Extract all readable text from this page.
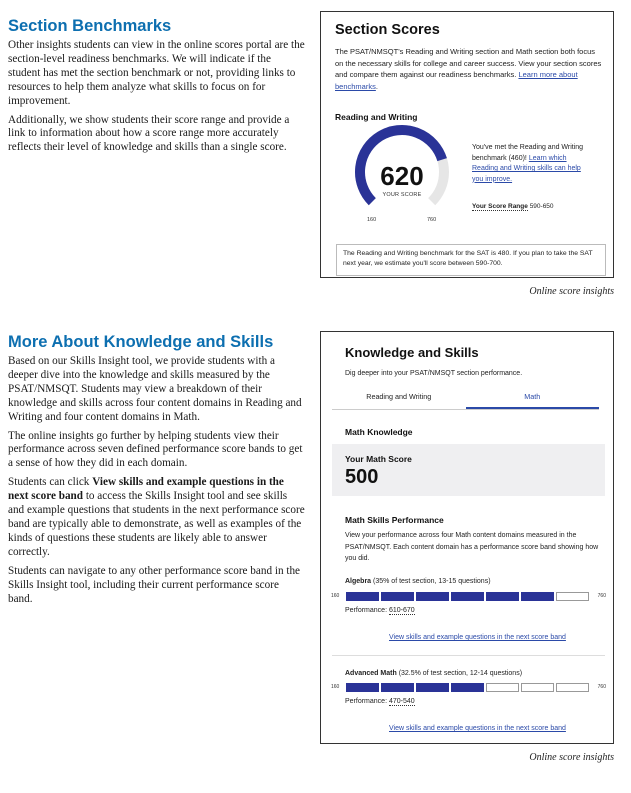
Section Benchmarks

Other insights students can view in the online scores portal are the section-level readiness benchmarks. We will indicate if the student has met the section benchmark or not, providing links to resources to help them analyze what skills to focus on for improvement.

Additionally, we show students their score range and provide a link to information about how a score range more accurately reflects their level of knowledge and skills than a single score.

Section Scores
The PSAT/NMSQT's Reading and Writing section and Math section both focus on the necessary skills for college and career success. View your section scores and compare them against our readiness benchmarks. Learn more about benchmarks.
Reading and Writing
620
YOUR SCORE
160	760
You've met the Reading and Writing benchmark (460)! Learn which Reading and Writing skills can help you improve.
Your Score Range 590-650
The Reading and Writing benchmark for the SAT is 480. If you plan to take the SAT next year, we estimate you'll score between 590-700.
Online score insights
More About Knowledge and Skills

Based on our Skills Insight tool, we provide students with a deeper dive into the knowledge and skills measured by the PSAT/NMSQT. Students may view a breakdown of their knowledge and skills across four content domains in Reading and Writing and four content domains in Math.

The online insights go further by helping students view their performance across seven defined performance score bands to get a sense of how they did in each domain.

Students can click View skills and example questions in the next score band to access the Skills Insight tool and see skills and example questions that students in the next performance score band are typically able to demonstrate, as well as examples of the kinds of questions these students are likely able to answer correctly.

Students can navigate to any other performance score band in the Skills Insight tool, including their current performance score band.

Knowledge and Skills
Dig deeper into your PSAT/NMSQT section performance.
Reading and Writing	Math
Math Knowledge
Your Math Score
500
Math Skills Performance
View your performance across four Math content domains measured in the PSAT/NMSQT. Each content domain has a performance score band showing how you did.
Algebra (35% of test section, 13-15 questions)
160	760
Performance: 610-670
View skills and example questions in the next score band
Advanced Math (32.5% of test section, 12-14 questions)
160	760
Performance: 470-540
View skills and example questions in the next score band
Online score insights
